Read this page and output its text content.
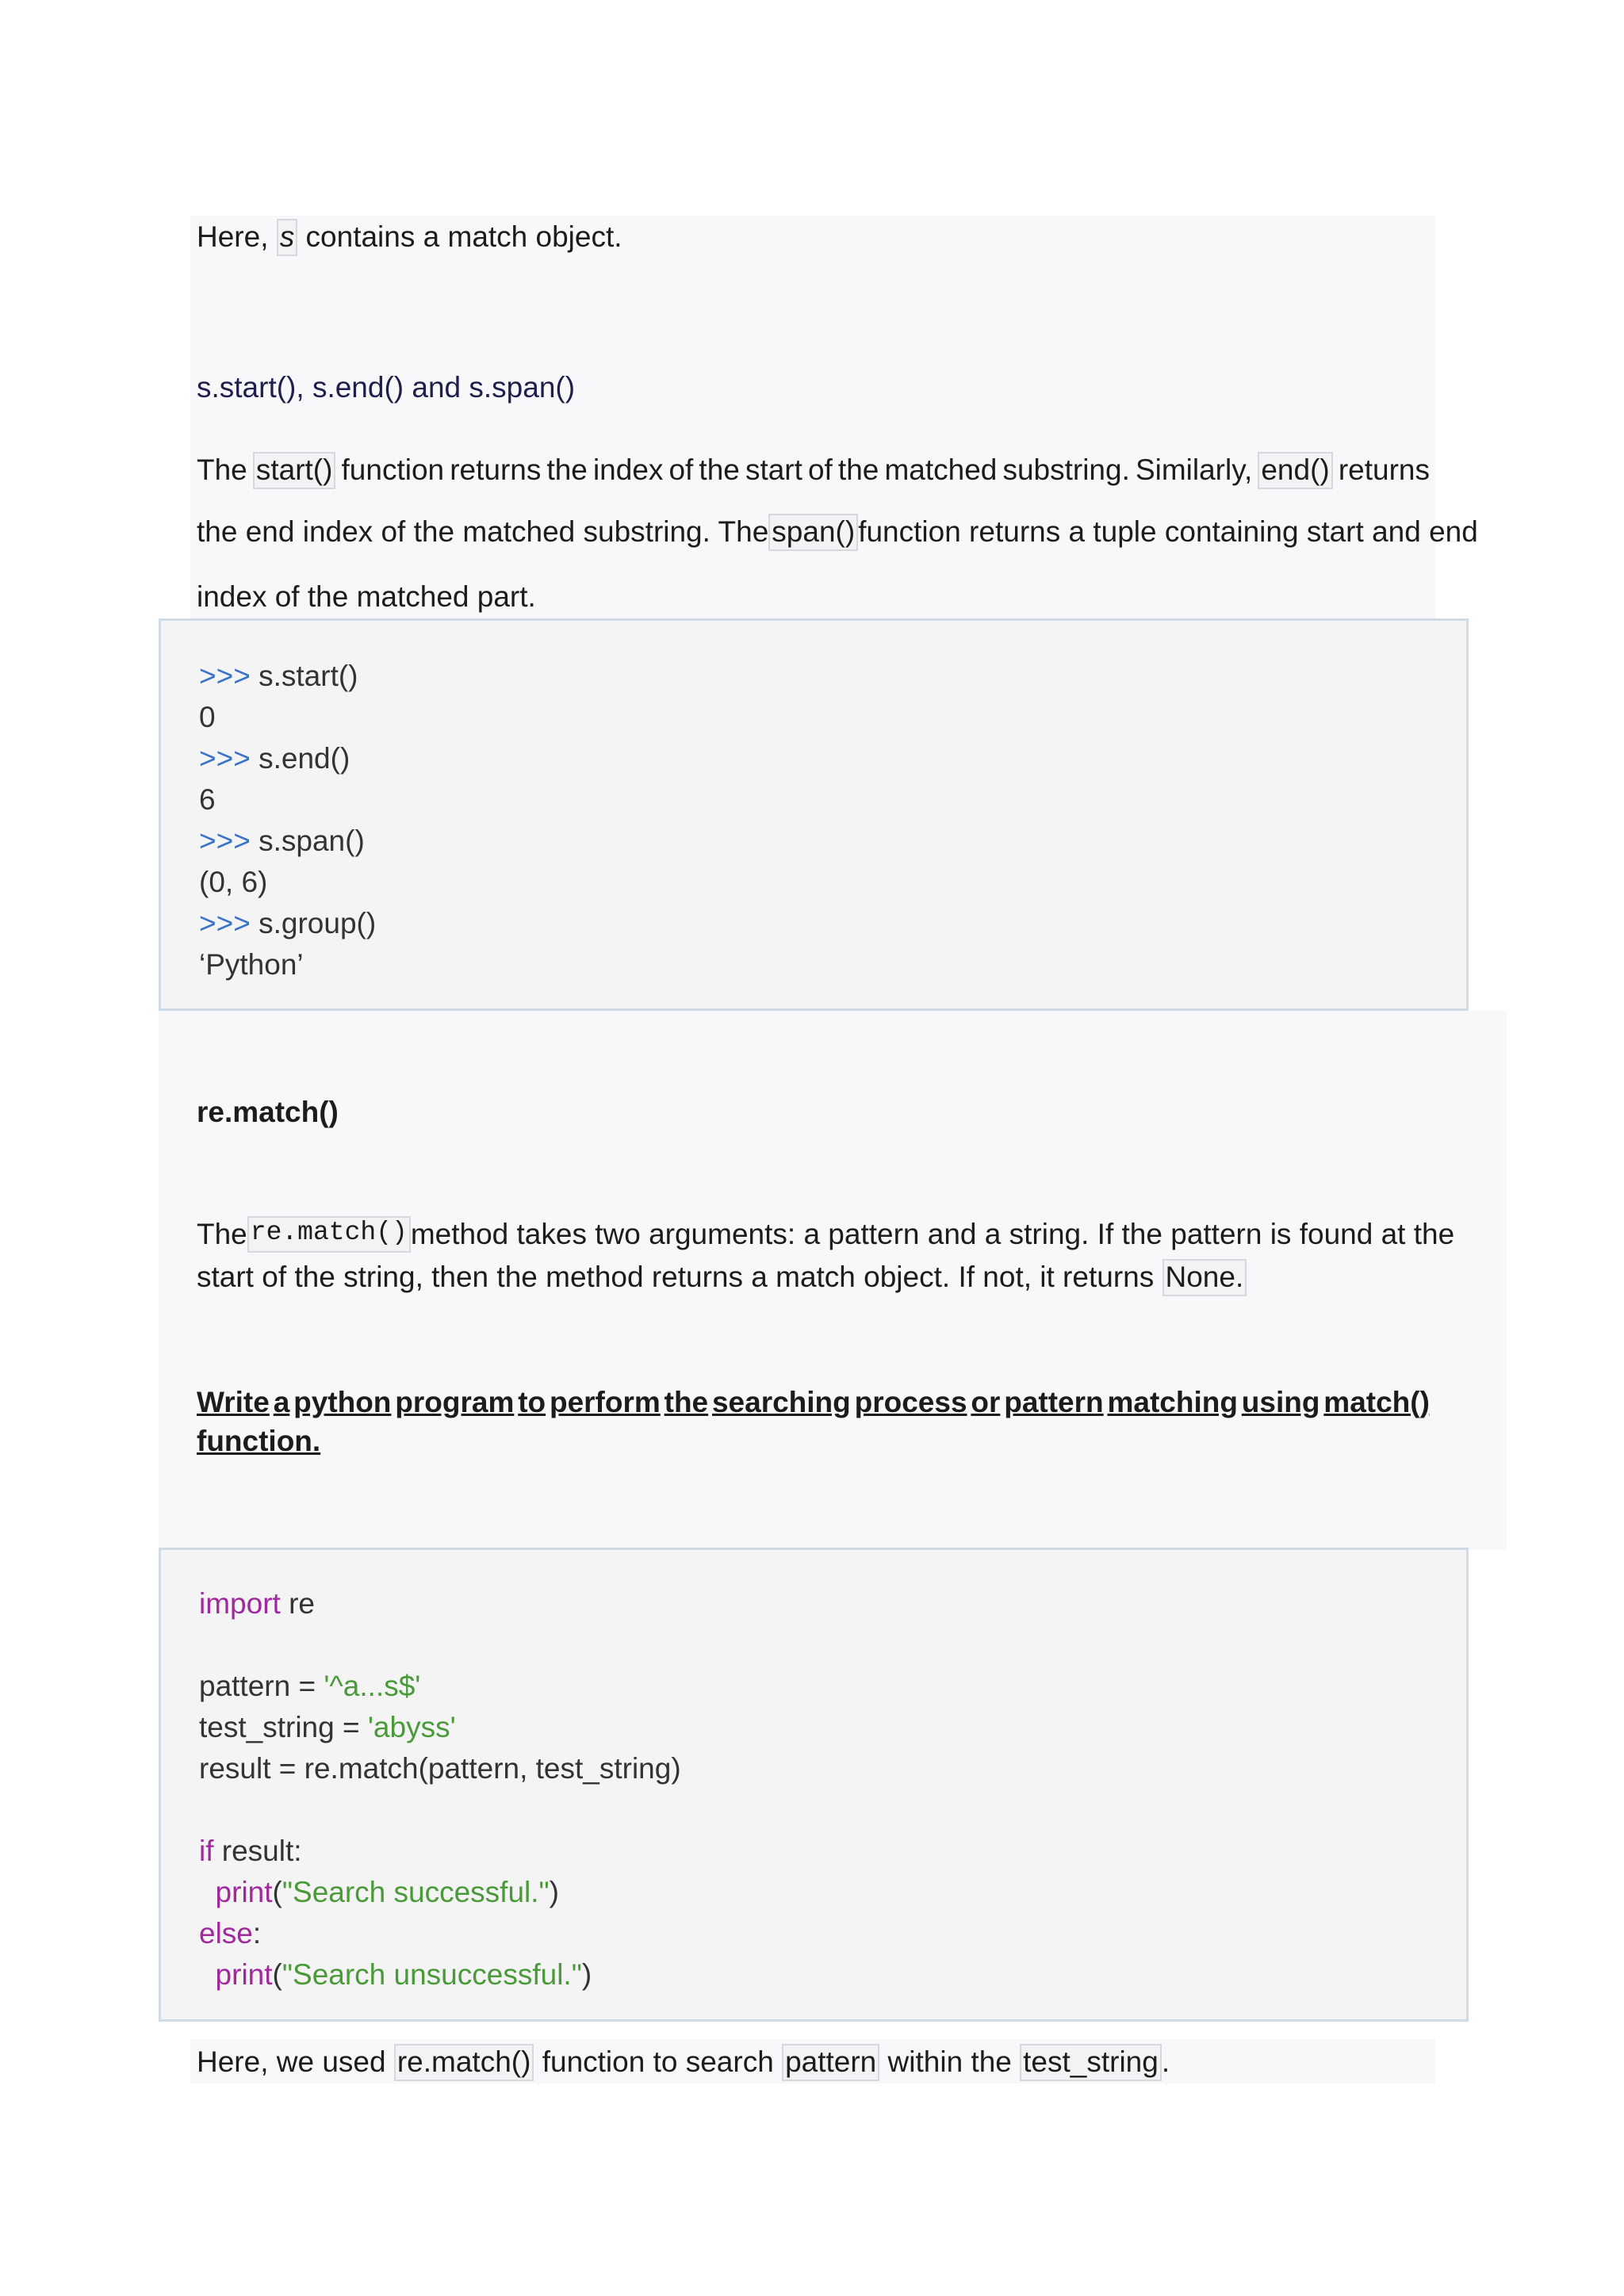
Here, s contains a match object.
s.start(), s.end() and s.span()
The start() function returns the index of the start of the matched substring. Similarly, end() returns
the end index of the matched substring. The span() function returns a tuple containing start and end
index of the matched part.
>>> s.start()
0
>>> s.end()
6
>>> s.span()
(0, 6)
>>> s.group()
‘Python’
re.match()
The re.match() method takes two arguments: a pattern and a string. If the pattern is found at the
start of the string, then the method returns a match object. If not, it returns None.
Write a python program to perform the searching process or pattern matching using match()
function.
import re
pattern = '^a...s$'
test_string = 'abyss'
result = re.match(pattern, test_string)
if result:
print("Search successful.")
else:
print("Search unsuccessful.")
Here, we used re.match() function to search pattern within the test_string .
